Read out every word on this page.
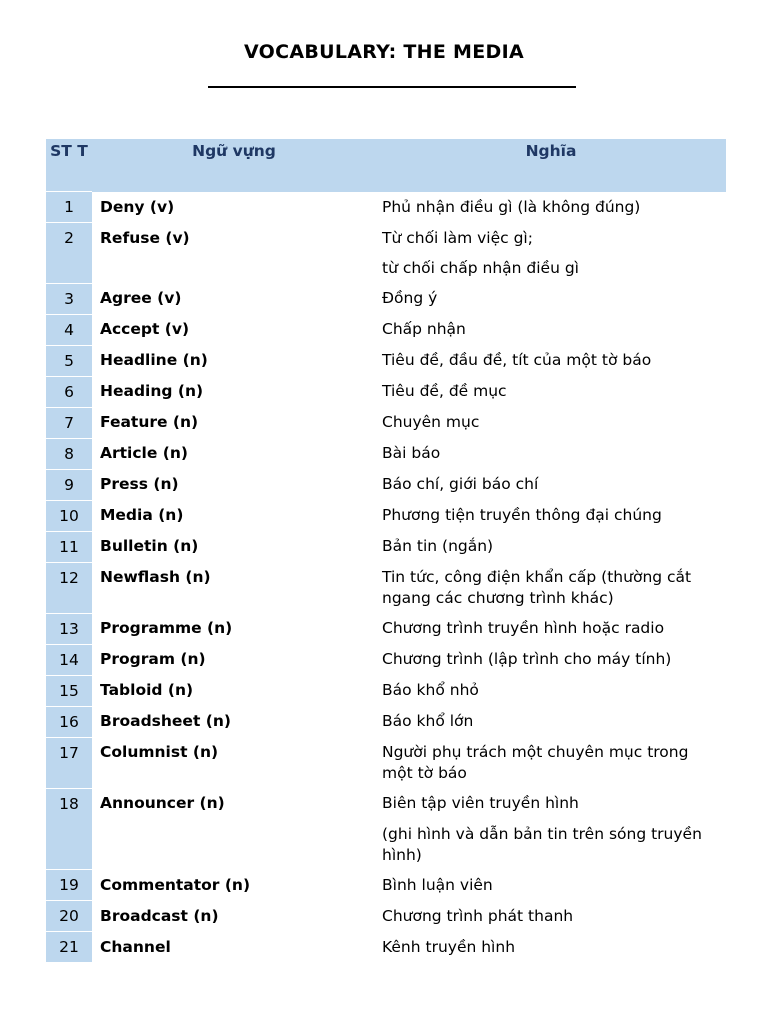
VOCABULARY: THE MEDIA
ST T	Ngữ vựng	Nghĩa
1	Deny (v)	Phủ nhận điều gì (là không đúng)
2	Refuse (v)	Từ chối làm việc gì;
		từ chối chấp nhận điều gì
3	Agree (v)	Đồng ý
4	Accept (v)	Chấp nhận
5	Headline (n)	Tiêu đề, đầu đề, tít của một tờ báo
6	Heading (n)	Tiêu đề, đề mục
7	Feature (n)	Chuyên mục
8	Article (n)	Bài báo
9	Press (n)	Báo chí, giới báo chí
10	Media (n)	Phương tiện truyền thông đại chúng
11	Bulletin (n)	Bản tin (ngắn)
12	Newflash (n)	Tin tức, công điện khẩn cấp (thường cắt ngang các chương trình khác)
13	Programme (n)	Chương trình truyền hình hoặc radio
14	Program (n)	Chương trình (lập trình cho máy tính)
15	Tabloid (n)	Báo khổ nhỏ
16	Broadsheet (n)	Báo khổ lớn
17	Columnist (n)	Người phụ trách một chuyên mục trong một tờ báo
18	Announcer (n)	Biên tập viên truyền hình
		(ghi hình và dẫn bản tin trên sóng truyền hình)
19	Commentator (n)	Bình luận viên
20	Broadcast (n)	Chương trình phát thanh
21	Channel	Kênh truyền hình
